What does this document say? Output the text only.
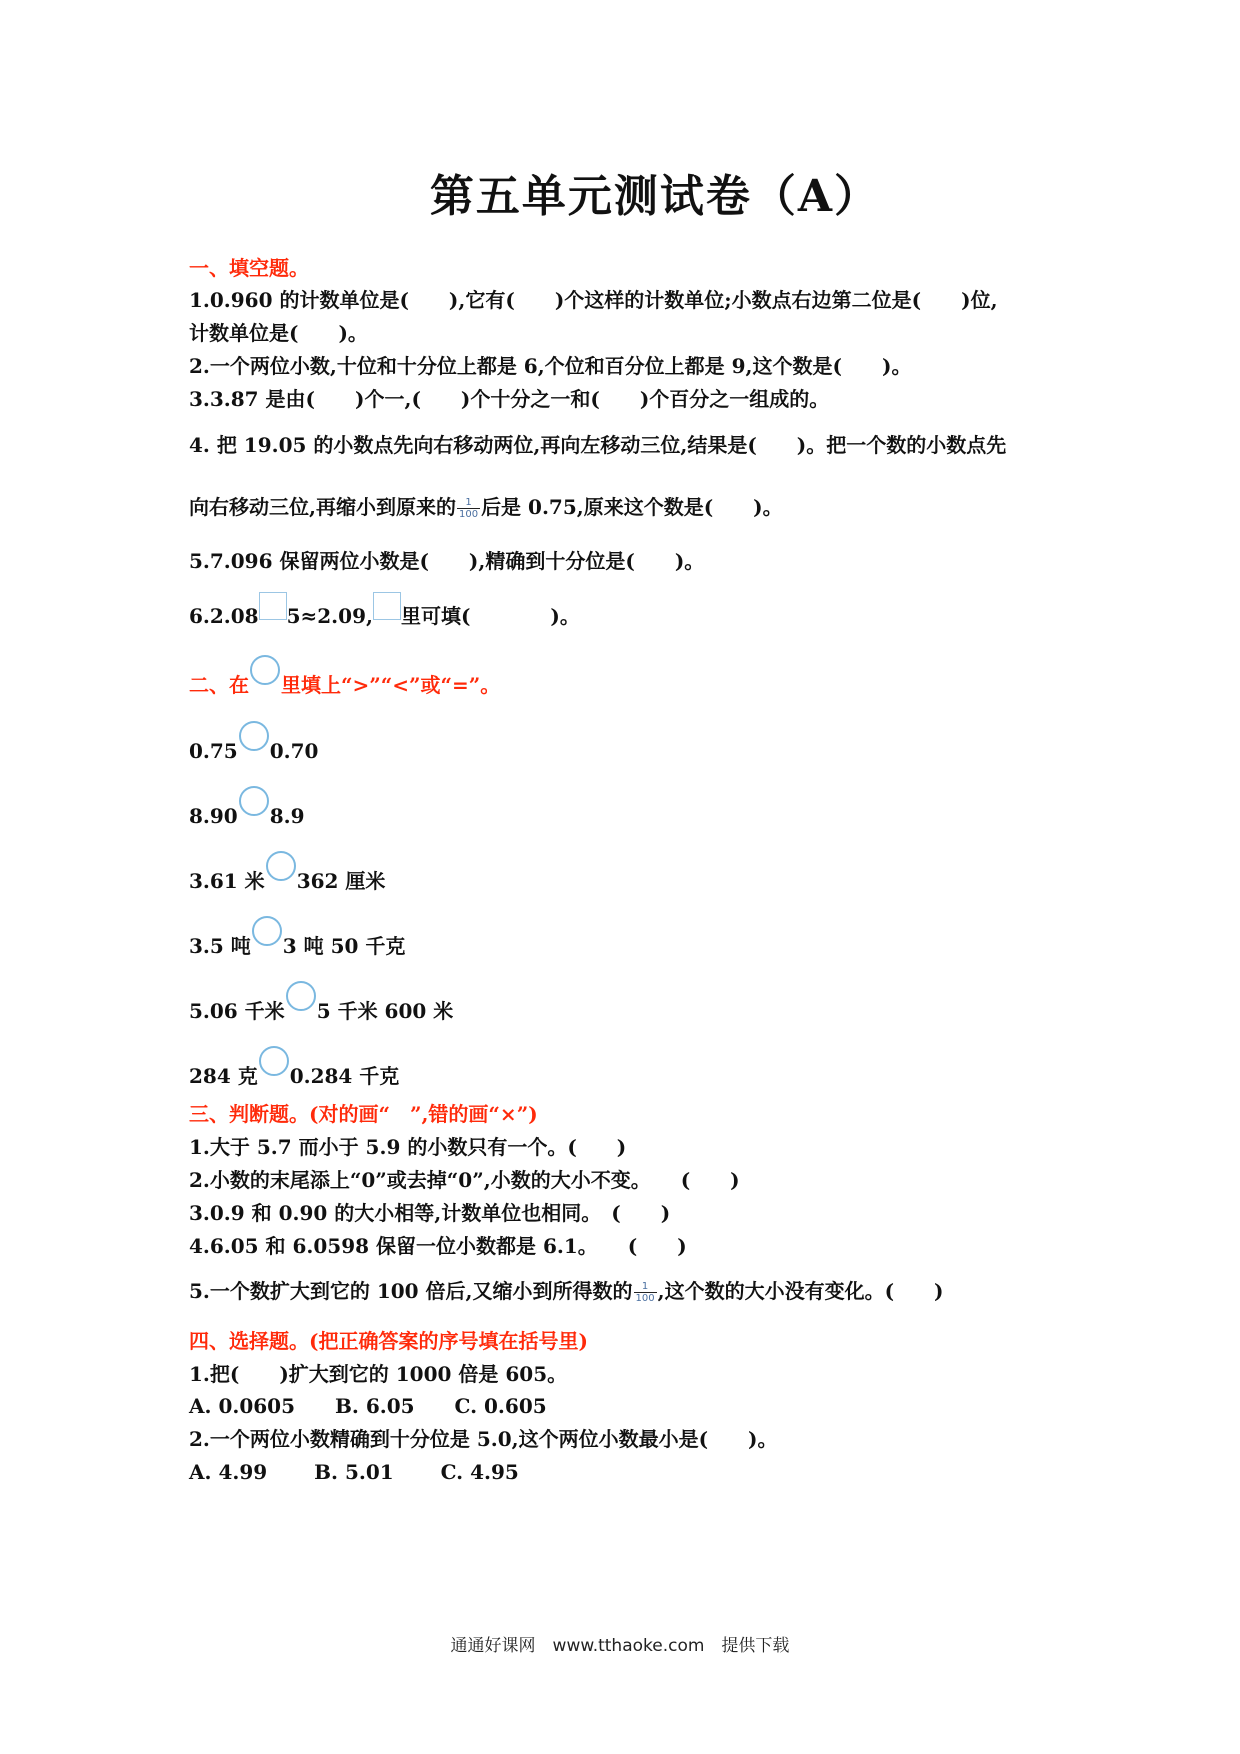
第五单元测试卷（A）
一、填空题。
1.0.960 的计数单位是(　　),它有(　　)个这样的计数单位;小数点右边第二位是(　　)位,
计数单位是(　　)。
2.一个两位小数,十位和十分位上都是 6,个位和百分位上都是 9,这个数是(　　)。
3.3.87 是由(　　)个一,(　　)个十分之一和(　　)个百分之一组成的。
4. 把 19.05 的小数点先向右移动两位,再向左移动三位,结果是(　　)。把一个数的小数点先
向右移动三位,再缩小到原来的 $\frac{1}{100}$ 后是 0.75,原来这个数是(　　)。
5.7.096 保留两位小数是(　　),精确到十分位是(　　)。
6.2.08 5≈2.09, 里可填(　　　　)。
二、在 里填上“>”“<”或“=”。
0.75 0.70
8.90 8.9
3.61 米 362 厘米
3.5 吨 3 吨 50 千克
5.06 千米 5 千米 600 米
284 克 0.284 千克
三、判断题。(对的画“　”,错的画“×”)
1.大于 5.7 而小于 5.9 的小数只有一个。(　　)
2.小数的末尾添上“0”或去掉“0”,小数的大小不变。　　(　　)
3.0.9 和 0.90 的大小相等,计数单位也相同。　(　　)
4.6.05 和 6.0598 保留一位小数都是 6.1。　　(　　)
5.一个数扩大到它的 100 倍后,又缩小到所得数的 $\frac{1}{100}$ ,这个数的大小没有变化。(　　)
四、选择题。(把正确答案的序号填在括号里)
1.把(　　)扩大到它的 1000 倍是 605。
A. 0.0605　　B. 6.05　　C. 0.605
2.一个两位小数精确到十分位是 5.0,这个两位小数最小是(　　)。
A. 4.99　　 B. 5.01　　 C. 4.95
通通好课网　www.tthaoke.com　提供下载
